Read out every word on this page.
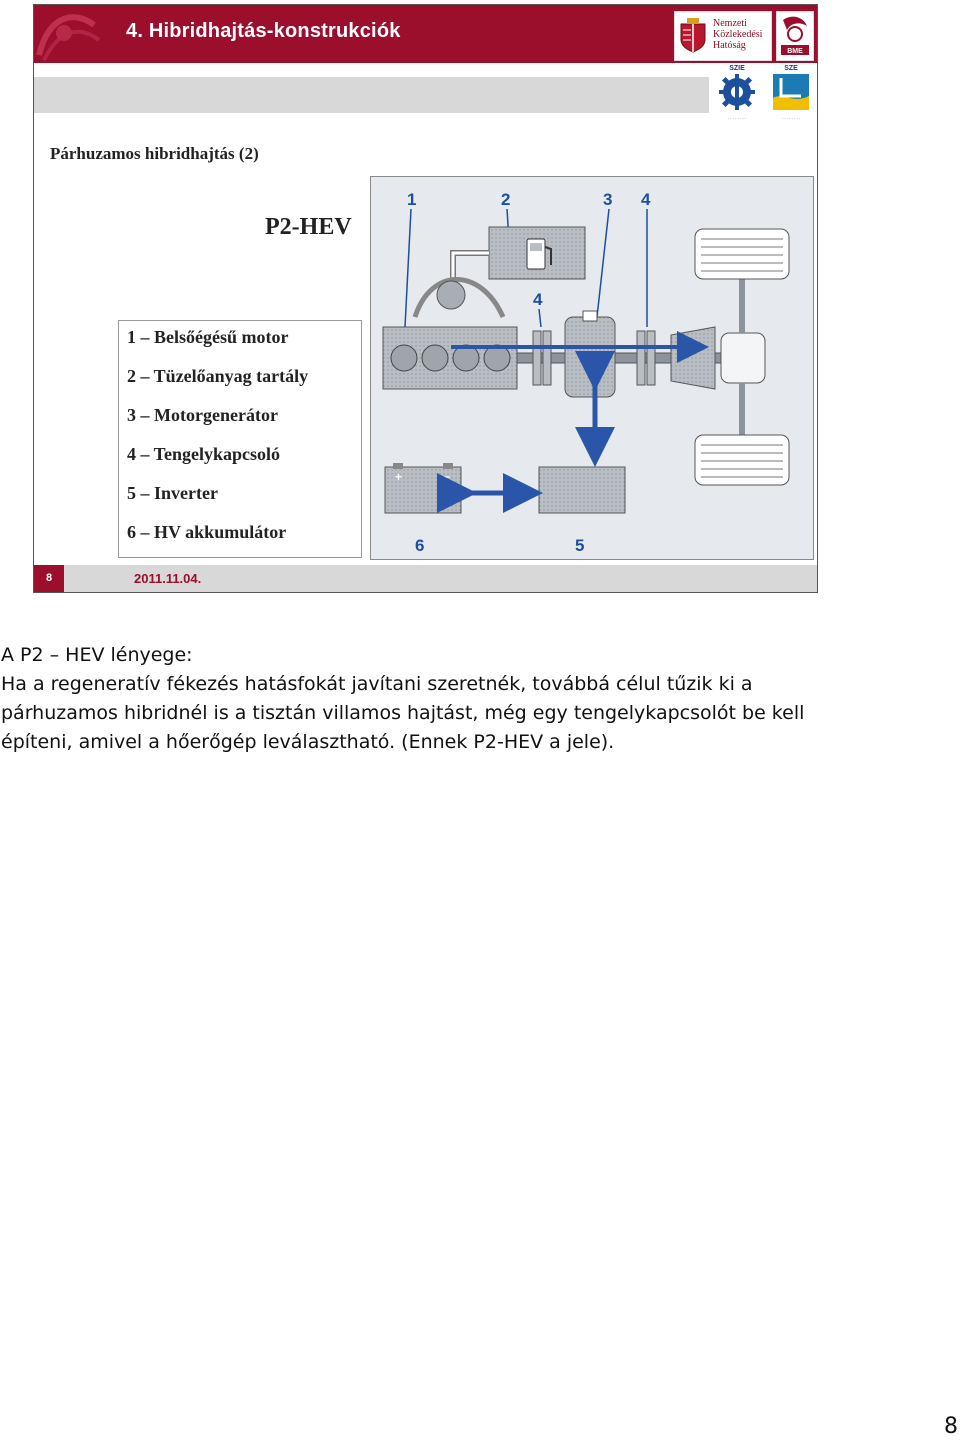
4. Hibridhajtás-konstrukciók	Nemzeti
Közlekedési
Hatóság
BME
SZIE
· · · · · · · ·
SZE
· · · · · · · ·
Párhuzamos hibridhajtás (2)
P2-HEV
1 – Belsőégésű motor
2 – Tüzelőanyag tartály
3 – Motorgenerátor
4 – Tengelykapcsoló
5 – Inverter
6 – HV akkumulátor
1	2	3 4
4
5
6
+	−
8	2011.11.04.
A P2 – HEV lényege:
Ha a regeneratív fékezés hatásfokát javítani szeretnék, továbbá célul tűzik ki a
párhuzamos hibridnél is a tisztán villamos hajtást, még egy tengelykapcsolót be kell
építeni, amivel a hőerőgép leválasztható. (Ennek P2-HEV a jele).
8
